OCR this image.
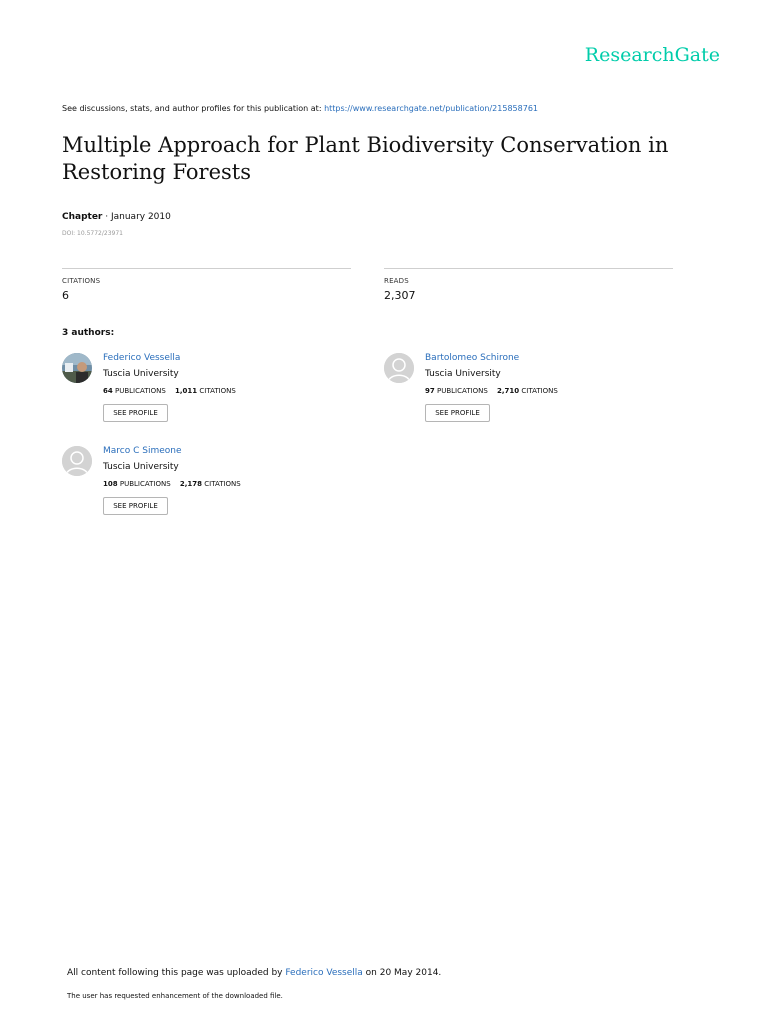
ResearchGate
See discussions, stats, and author profiles for this publication at: https://www.researchgate.net/publication/215858761
Multiple Approach for Plant Biodiversity Conservation in Restoring Forests
Chapter · January 2010
DOI: 10.5772/23971
CITATIONS
6
READS
2,307
3 authors:
Federico Vessella
Tuscia University
64 PUBLICATIONS 1,011 CITATIONS
SEE PROFILE
Bartolomeo Schirone
Tuscia University
97 PUBLICATIONS 2,710 CITATIONS
SEE PROFILE
Marco C Simeone
Tuscia University
108 PUBLICATIONS 2,178 CITATIONS
SEE PROFILE
All content following this page was uploaded by Federico Vessella on 20 May 2014.
The user has requested enhancement of the downloaded file.
